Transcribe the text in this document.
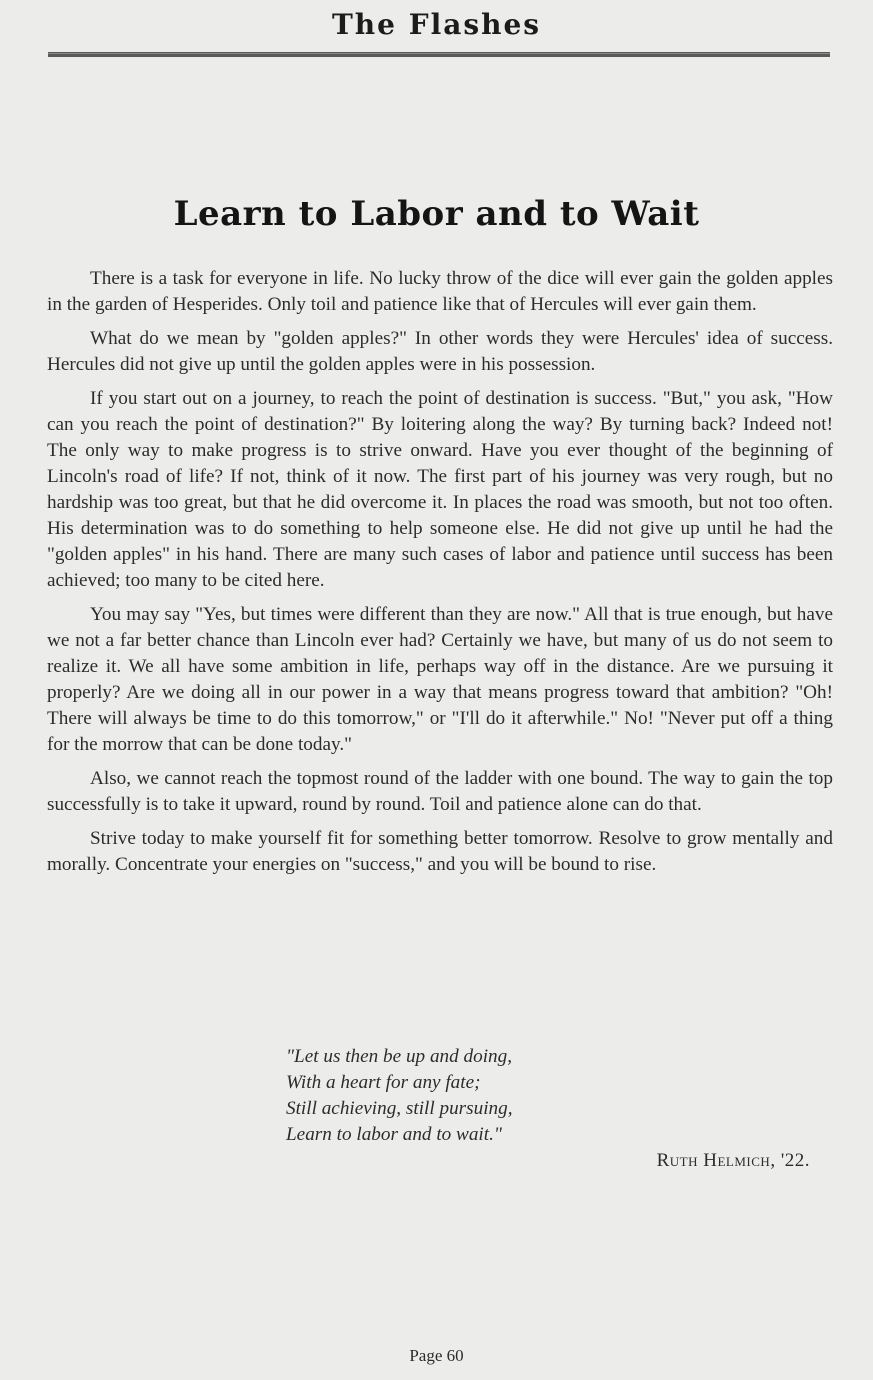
The Flashes
Learn to Labor and to Wait

There is a task for everyone in life. No lucky throw of the dice will ever gain the golden apples in the garden of Hesperides. Only toil and patience like that of Hercules will ever gain them.

What do we mean by "golden apples?" In other words they were Hercules' idea of success. Hercules did not give up until the golden apples were in his possession.

If you start out on a journey, to reach the point of destination is success. "But," you ask, "How can you reach the point of destination?" By loitering along the way? By turning back? Indeed not! The only way to make progress is to strive onward. Have you ever thought of the beginning of Lincoln's road of life? If not, think of it now. The first part of his journey was very rough, but no hardship was too great, but that he did overcome it. In places the road was smooth, but not too often. His determination was to do something to help someone else. He did not give up until he had the "golden apples" in his hand. There are many such cases of labor and patience until success has been achieved; too many to be cited here.

You may say "Yes, but times were different than they are now." All that is true enough, but have we not a far better chance than Lincoln ever had? Certainly we have, but many of us do not seem to realize it. We all have some ambition in life, perhaps way off in the distance. Are we pursuing it properly? Are we doing all in our power in a way that means progress toward that ambition? "Oh! There will always be time to do this tomorrow," or "I'll do it afterwhile." No! "Never put off a thing for the morrow that can be done today."

Also, we cannot reach the topmost round of the ladder with one bound. The way to gain the top successfully is to take it upward, round by round. Toil and patience alone can do that.

Strive today to make yourself fit for something better tomorrow. Resolve to grow mentally and morally. Concentrate your energies on "success," and you will be bound to rise.

"Let us then be up and doing,
With a heart for any fate;
Still achieving, still pursuing,
Learn to labor and to wait."
Ruth Helmich, '22.
Page 60
